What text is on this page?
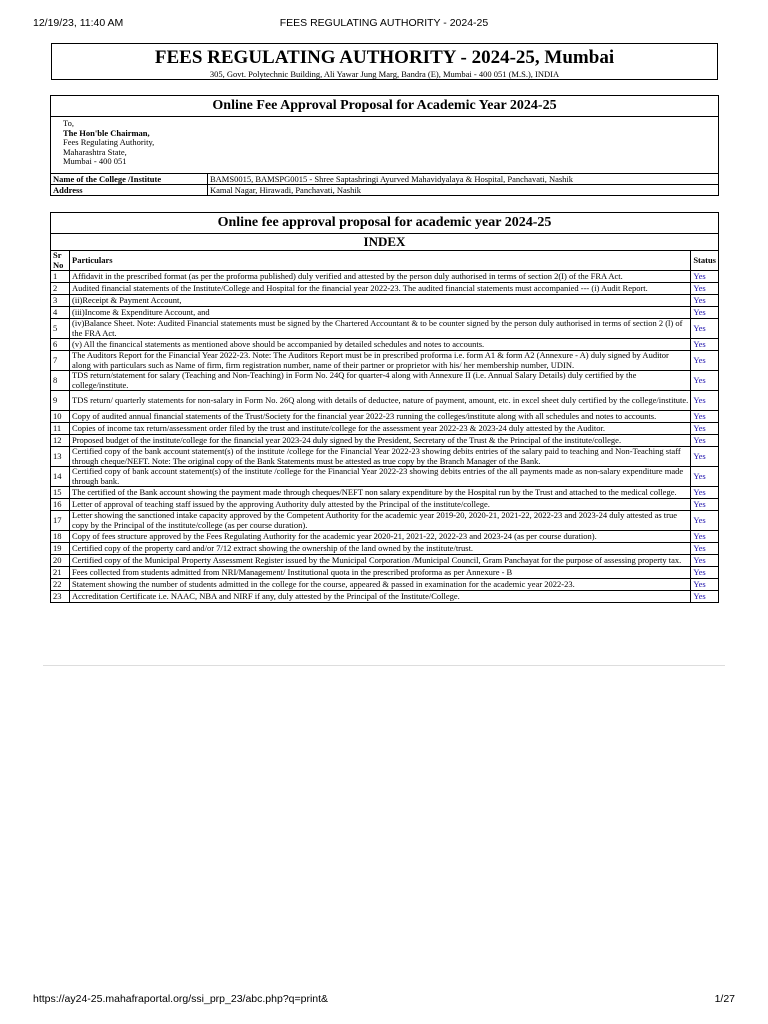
12/19/23, 11:40 AM	FEES REGULATING AUTHORITY - 2024-25
FEES REGULATING AUTHORITY - 2024-25, Mumbai
305, Govt. Polytechnic Building, Ali Yawar Jung Marg, Bandra (E), Mumbai - 400 051 (M.S.), INDIA
Online Fee Approval Proposal for Academic Year 2024-25	

To,
The Hon'ble Chairman,
Fees Regulating Authority,
Maharashtra State,
Mumbai - 400 051	

Name of the College /Institute	BAMS0015, BAMSPG0015 - Shree Saptashringi Ayurved Mahavidyalaya & Hospital, Panchavati, Nashik
Address	Kamal Nagar, Hirawadi, Panchavati, Nashik
Online fee approval proposal for academic year 2024-25		
INDEX		
Sr No	Particulars	Status
1	Affidavit in the prescribed format (as per the proforma published) duly verified and attested by the person duly authorised in terms of section 2(I) of the FRA Act.	Yes
2	Audited financial statements of the Institute/College and Hospital for the financial year 2022-23. The audited financial statements must accompanied --- (i) Audit Report.	Yes
3	(ii)Receipt & Payment Account,	Yes
4	(iii)Income & Expenditure Account, and	Yes
5	(iv)Balance Sheet. Note: Audited Financial statements must be signed by the Chartered Accountant & to be counter signed by the person duly authorised in terms of section 2 (l) of the FRA Act.	Yes
6	(v) All the financical statements as mentioned above should be accompanied by detailed schedules and notes to accounts.	Yes
7	The Auditors Report for the Financial Year 2022-23. Note: The Auditors Report must be in prescribed proforma i.e. form A1 & form A2 (Annexure - A) duly signed by Auditor along with particulars such as Name of firm, firm registration number, name of their partner or proprietor with his/ her membership number, UDIN.	Yes
8	TDS return/statement for salary (Teaching and Non-Teaching) in Form No. 24Q for quarter-4 along with Annexure II (i.e. Annual Salary Details) duly certified by the college/institute.	Yes
9	TDS return/ quarterly statements for non-salary in Form No. 26Q along with details of deductee, nature of payment, amount, etc. in excel sheet duly certified by the college/institute.	Yes
10	Copy of audited annual financial statements of the Trust/Society for the financial year 2022-23 running the colleges/institute along with all schedules and notes to accounts.	Yes
11	Copies of income tax return/assessment order filed by the trust and institute/college for the assessment year 2022-23 & 2023-24 duly attested by the Auditor.	Yes
12	Proposed budget of the institute/college for the financial year 2023-24 duly signed by the President, Secretary of the Trust & the Principal of the institute/college.	Yes
13	Certified copy of the bank account statement(s) of the institute /college for the Financial Year 2022-23 showing debits entries of the salary paid to teaching and Non-Teaching staff through cheque/NEFT. Note: The original copy of the Bank Statements must be attested as true copy by the Branch Manager of the Bank.	Yes
14	Certified copy of bank account statement(s) of the institute /college for the Financial Year 2022-23 showing debits entries of the all payments made as non-salary expenditure made through bank.	Yes
15	The certified of the Bank account showing the payment made through cheques/NEFT non salary expenditure by the Hospital run by the Trust and attached to the medical college.	Yes
16	Letter of approval of teaching staff issued by the approving Authority duly attested by the Principal of the institute/college.	Yes
17	Letter showing the sanctioned intake capacity approved by the Competent Authority for the academic year 2019-20, 2020-21, 2021-22, 2022-23 and 2023-24 duly attested as true copy by the Principal of the institute/college (as per course duration).	Yes
18	Copy of fees structure approved by the Fees Regulating Authority for the academic year 2020-21, 2021-22, 2022-23 and 2023-24 (as per course duration).	Yes
19	Certified copy of the property card and/or 7/12 extract showing the ownership of the land owned by the institute/trust.	Yes
20	Certified copy of the Municipal Property Assessment Register issued by the Municipal Corporation /Municipal Council, Gram Panchayat for the purpose of assessing property tax.	Yes
21	Fees collected from students admitted from NRI/Management/ Institutional quota in the prescribed proforma as per Annexure - B	Yes
22	Statement showing the number of students admitted in the college for the course, appeared & passed in examination for the academic year 2022-23.	Yes
23	Accreditation Certificate i.e. NAAC, NBA and NIRF if any, duly attested by the Principal of the Institute/College.	Yes
https://ay24-25.mahafraportal.org/ssi_prp_23/abc.php?q=print&	1/27
